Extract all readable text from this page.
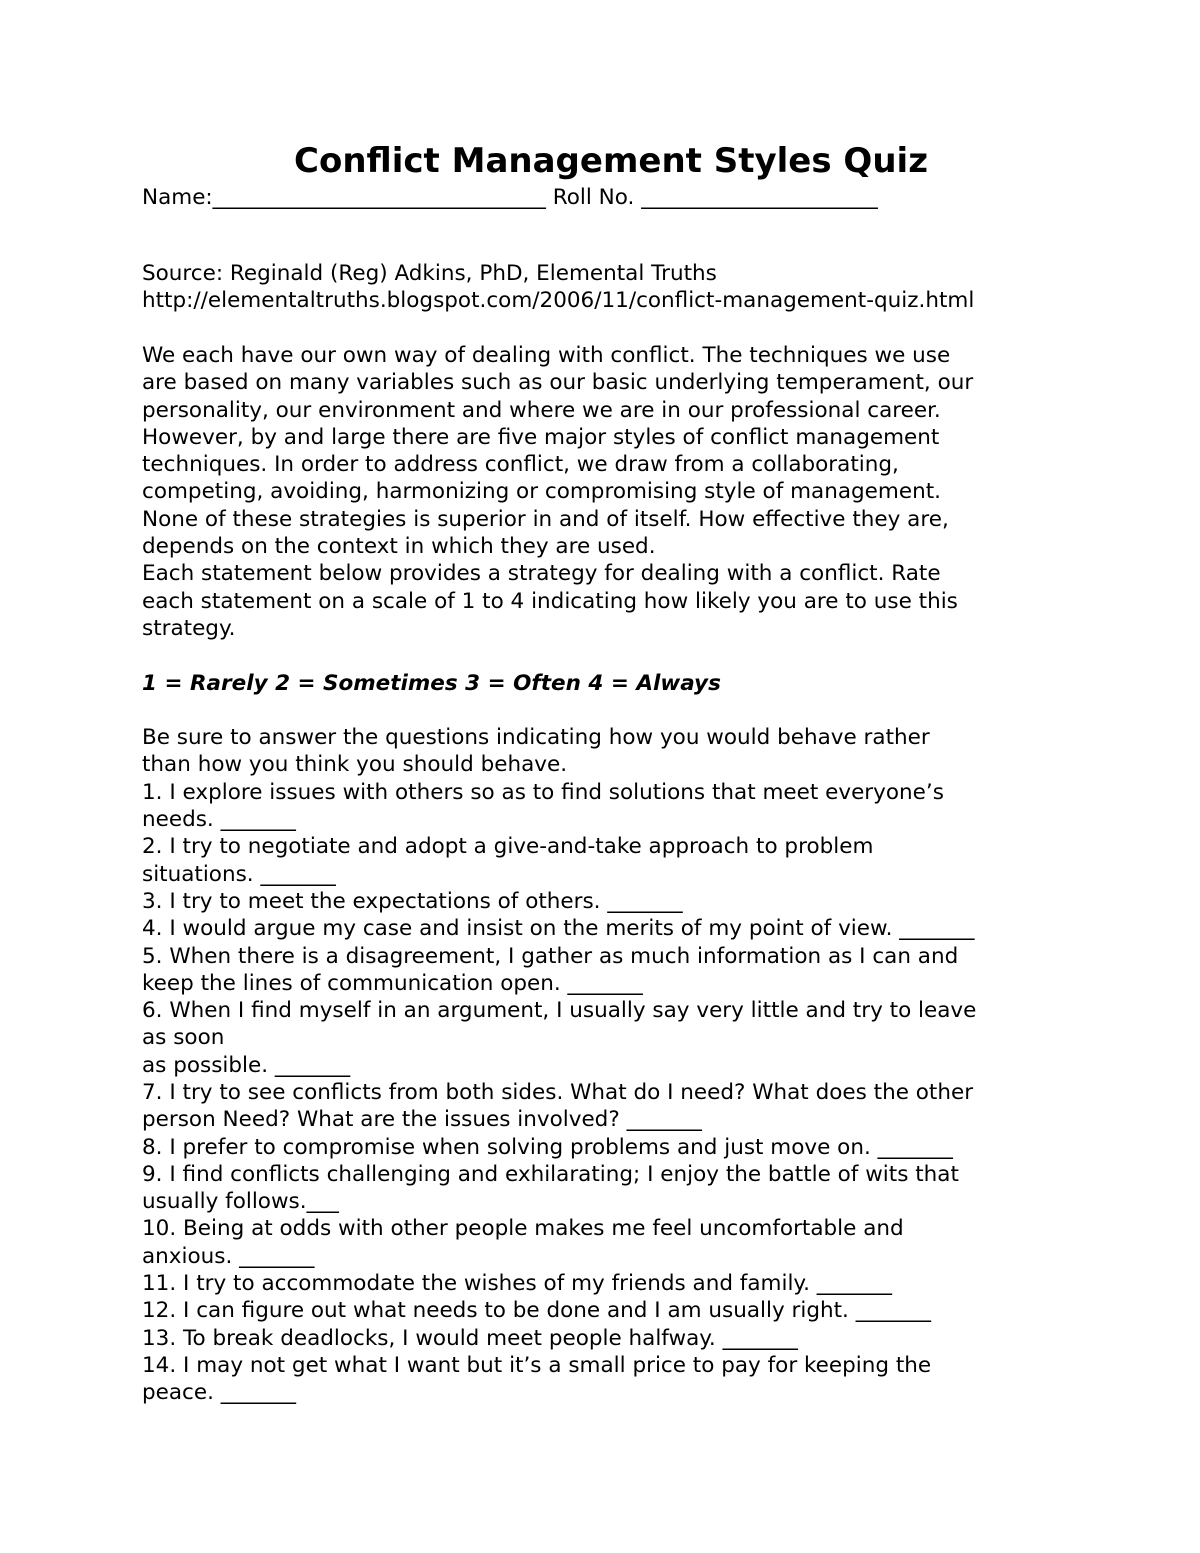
Conflict Management Styles Quiz

Name:_______________________________ Roll No. ______________________

Source: Reginald (Reg) Adkins, PhD, Elemental Truths

http://elementaltruths.blogspot.com/2006/11/conflict-management-quiz.html

We each have our own way of dealing with conflict. The techniques we use

are based on many variables such as our basic underlying temperament, our

personality, our environment and where we are in our professional career.

However, by and large there are five major styles of conflict management

techniques. In order to address conflict, we draw from a collaborating,

competing, avoiding, harmonizing or compromising style of management.

None of these strategies is superior in and of itself. How effective they are,

depends on the context in which they are used.

Each statement below provides a strategy for dealing with a conflict. Rate

each statement on a scale of 1 to 4 indicating how likely you are to use this

strategy.

1 = Rarely 2 = Sometimes 3 = Often 4 = Always

Be sure to answer the questions indicating how you would behave rather

than how you think you should behave.

1. I explore issues with others so as to find solutions that meet everyone’s

needs. _______

2. I try to negotiate and adopt a give-and-take approach to problem

situations. _______

3. I try to meet the expectations of others. _______

4. I would argue my case and insist on the merits of my point of view. _______

5. When there is a disagreement, I gather as much information as I can and

keep the lines of communication open. _______

6. When I find myself in an argument, I usually say very little and try to leave

as soon

as possible. _______

7. I try to see conflicts from both sides. What do I need? What does the other

person Need? What are the issues involved? _______

8. I prefer to compromise when solving problems and just move on. _______

9. I find conflicts challenging and exhilarating; I enjoy the battle of wits that

usually follows.___

10. Being at odds with other people makes me feel uncomfortable and

anxious. _______

11. I try to accommodate the wishes of my friends and family. _______

12. I can figure out what needs to be done and I am usually right. _______

13. To break deadlocks, I would meet people halfway. _______

14. I may not get what I want but it’s a small price to pay for keeping the

peace. _______
